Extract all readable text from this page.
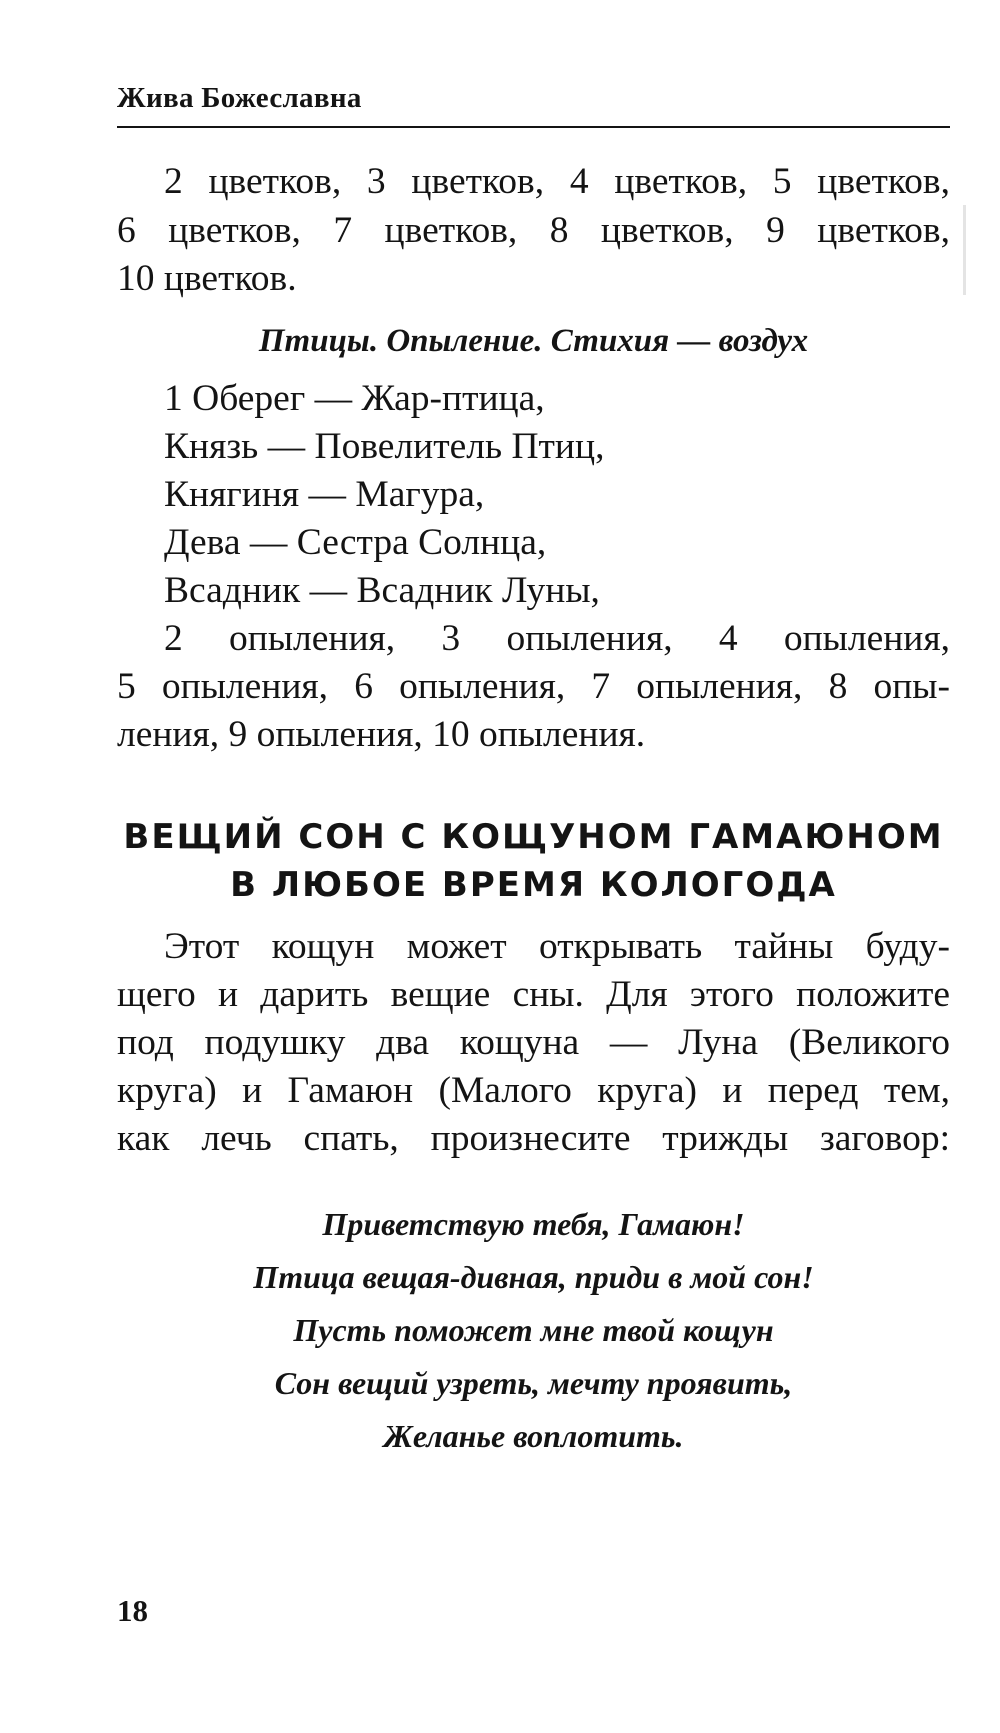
Жива Божеславна
2 цветков, 3 цветков, 4 цветков, 5 цветков,
6 цветков, 7 цветков, 8 цветков, 9 цветков,
10 цветков.
Птицы. Опыление. Стихия — воздух
1 Оберег — Жар-птица,
Князь — Повелитель Птиц,
Княгиня — Магура,
Дева — Сестра Солнца,
Всадник — Всадник Луны,
2 опыления, 3 опыления, 4 опыления,
5 опыления, 6 опыления, 7 опыления, 8 опы-
ления, 9 опыления, 10 опыления.
ВЕЩИЙ СОН С КОЩУНОМ ГАМАЮНОМ
В ЛЮБОЕ ВРЕМЯ КОЛОГОДА
Этот кощун может открывать тайны буду-
щего и дарить вещие сны. Для этого положите
под подушку два кощуна — Луна (Великого
круга) и Гамаюн (Малого круга) и перед тем,
как лечь спать, произнесите трижды заговор:
Приветствую тебя, Гамаюн!
Птица вещая-дивная, приди в мой сон!
Пусть поможет мне твой кощун
Сон вещий узреть, мечту проявить,
Желанье воплотить.
18
